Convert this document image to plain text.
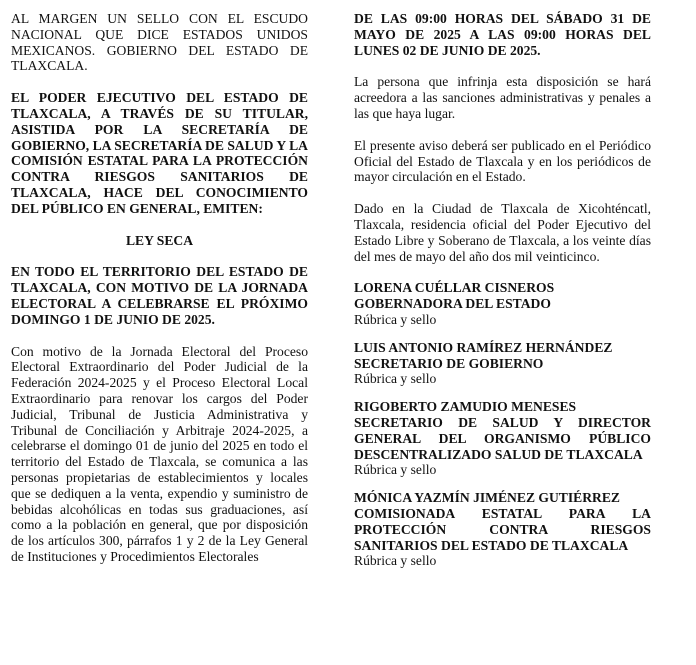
AL MARGEN UN SELLO CON EL ESCUDO NACIONAL QUE DICE ESTADOS UNIDOS MEXICANOS. GOBIERNO DEL ESTADO DE TLAXCALA.

EL PODER EJECUTIVO DEL ESTADO DE TLAXCALA, A TRAVÉS DE SU TITULAR, ASISTIDA POR LA SECRETARÍA DE GOBIERNO, LA SECRETARÍA DE SALUD Y LA COMISIÓN ESTATAL PARA LA PROTECCIÓN CONTRA RIESGOS SANITARIOS DE TLAXCALA, HACE DEL CONOCIMIENTO DEL PÚBLICO EN GENERAL, EMITEN:

LEY SECA

EN TODO EL TERRITORIO DEL ESTADO DE TLAXCALA, CON MOTIVO DE LA JORNADA ELECTORAL A CELEBRARSE EL PRÓXIMO DOMINGO 1 DE JUNIO DE 2025.

Con motivo de la Jornada Electoral del Proceso Electoral Extraordinario del Poder Judicial de la Federación 2024-2025 y el Proceso Electoral Local Extraordinario para renovar los cargos del Poder Judicial, Tribunal de Justicia Administrativa y Tribunal de Conciliación y Arbitraje 2024-2025, a celebrarse el domingo 01 de junio del 2025 en todo el territorio del Estado de Tlaxcala, se comunica a las personas propietarias de establecimientos y locales que se dediquen a la venta, expendio y suministro de bebidas alcohólicas en todas sus graduaciones, así como a la población en general, que por disposición de los artículos 300, párrafos 1 y 2 de la Ley General de Instituciones y Procedimientos Electorales

DE LAS 09:00 HORAS DEL SÁBADO 31 DE MAYO DE 2025 A LAS 09:00 HORAS DEL LUNES 02 DE JUNIO DE 2025.

La persona que infrinja esta disposición se hará acreedora a las sanciones administrativas y penales a las que haya lugar.

El presente aviso deberá ser publicado en el Periódico Oficial del Estado de Tlaxcala y en los periódicos de mayor circulación en el Estado.

Dado en la Ciudad de Tlaxcala de Xicohténcatl, Tlaxcala, residencia oficial del Poder Ejecutivo del Estado Libre y Soberano de Tlaxcala, a los veinte días del mes de mayo del año dos mil veinticinco.

LORENA CUÉLLAR CISNEROS

GOBERNADORA DEL ESTADO

Rúbrica y sello

LUIS ANTONIO RAMÍREZ HERNÁNDEZ

SECRETARIO DE GOBIERNO

Rúbrica y sello

RIGOBERTO ZAMUDIO MENESES

SECRETARIO DE SALUD Y DIRECTOR GENERAL DEL ORGANISMO PÚBLICO DESCENTRALIZADO SALUD DE TLAXCALA

Rúbrica y sello

MÓNICA YAZMÍN JIMÉNEZ GUTIÉRREZ

COMISIONADA ESTATAL PARA LA PROTECCIÓN CONTRA RIESGOS SANITARIOS DEL ESTADO DE TLAXCALA

Rúbrica y sello
